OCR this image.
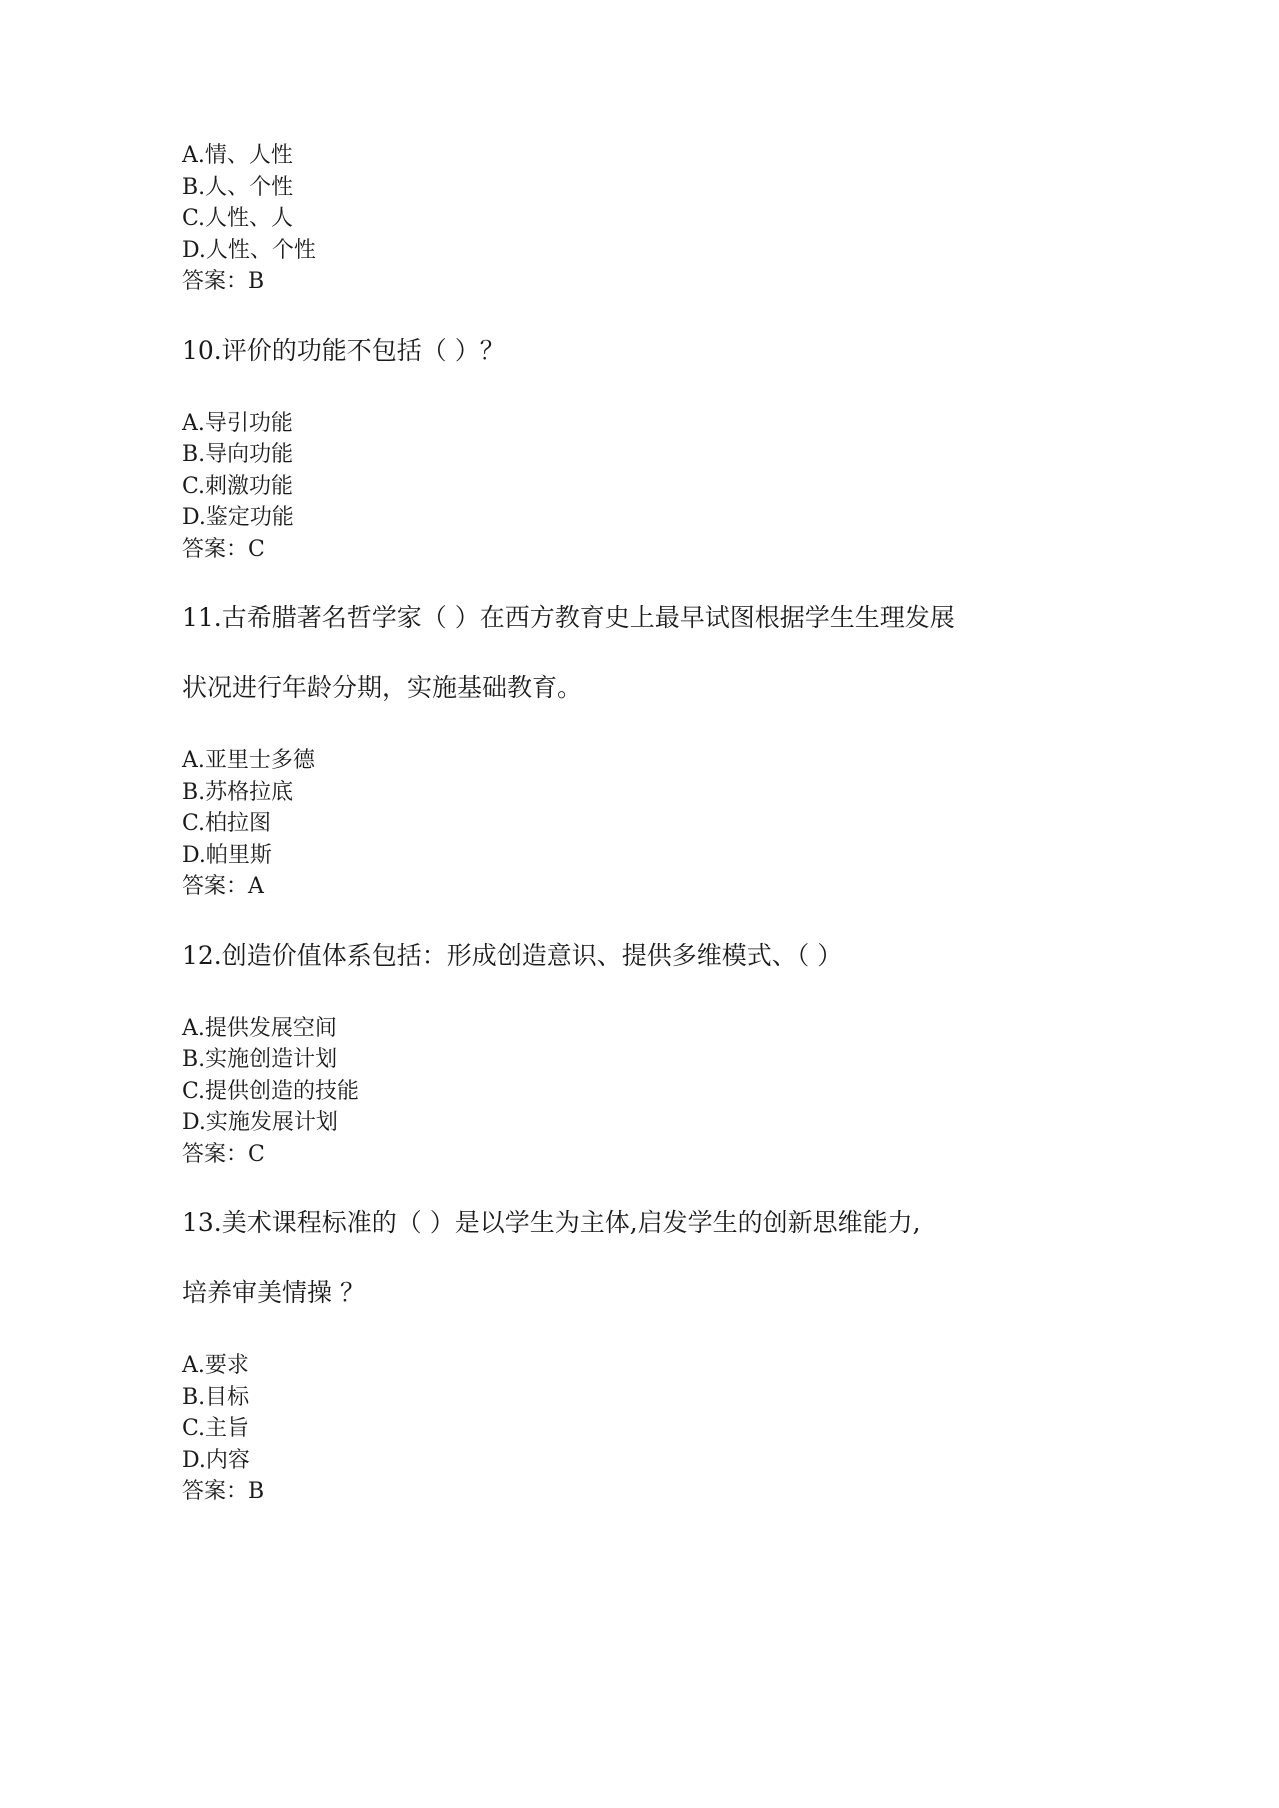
A.情、人性
B.人、个性
C.人性、人
D.人性、个性
答案：B
10.评价的功能不包括（ ）？
A.导引功能
B.导向功能
C.刺激功能
D.鉴定功能
答案：C
11.古希腊著名哲学家（ ）在西方教育史上最早试图根据学生生理发展
状况进行年龄分期，实施基础教育。
A.亚里士多德
B.苏格拉底
C.柏拉图
D.帕里斯
答案：A
12.创造价值体系包括：形成创造意识、提供多维模式、（ ）
A.提供发展空间
B.实施创造计划
C.提供创造的技能
D.实施发展计划
答案：C
13.美术课程标准的（ ）是以学生为主体,启发学生的创新思维能力,
培养审美情操 ？
A.要求
B.目标
C.主旨
D.内容
答案：B
